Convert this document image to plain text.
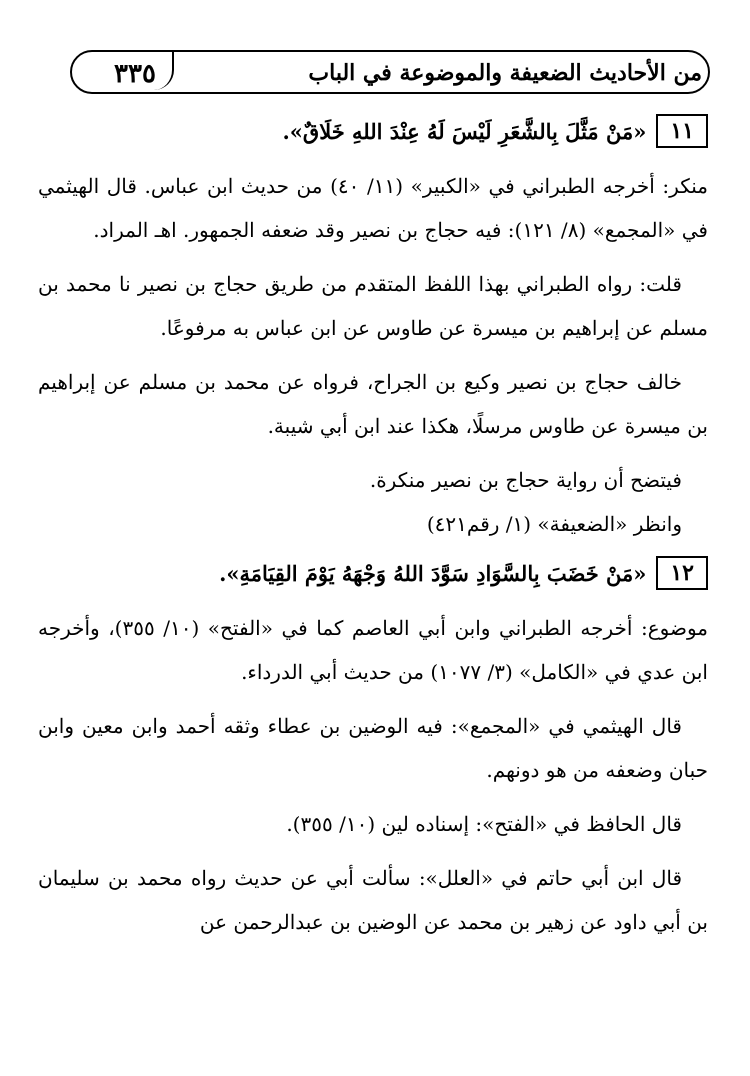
٣٣٥	من الأحاديث الضعيفة والموضوعة في الباب
١١
«مَنْ مَثَّلَ بِالشَّعَرِ لَيْسَ لَهُ عِنْدَ اللهِ خَلَاقٌ».

منكر: أخرجه الطبراني في «الكبير» (١١/ ٤٠) من حديث ابن عباس. قال الهيثمي في «المجمع» (٨/ ١٢١): فيه حجاج بن نصير وقد ضعفه الجمهور. اهـ المراد.

قلت: رواه الطبراني بهذا اللفظ المتقدم من طريق حجاج بن نصير نا محمد بن مسلم عن إبراهيم بن ميسرة عن طاوس عن ابن عباس به مرفوعًا.

خالف حجاج بن نصير وكيع بن الجراح، فرواه عن محمد بن مسلم عن إبراهيم بن ميسرة عن طاوس مرسلًا، هكذا عند ابن أبي شيبة.

فيتضح أن رواية حجاج بن نصير منكرة.

وانظر «الضعيفة» (١/ رقم٤٢١)

١٢
«مَنْ خَضَبَ بِالسَّوَادِ سَوَّدَ اللهُ وَجْهَهُ يَوْمَ القِيَامَةِ».

موضوع: أخرجه الطبراني وابن أبي العاصم كما في «الفتح» (١٠/ ٣٥٥)، وأخرجه ابن عدي في «الكامل» (٣/ ١٠٧٧) من حديث أبي الدرداء.

قال الهيثمي في «المجمع»: فيه الوضين بن عطاء وثقه أحمد وابن معين وابن حبان وضعفه من هو دونهم.

قال الحافظ في «الفتح»: إسناده لين (١٠/ ٣٥٥).

قال ابن أبي حاتم في «العلل»: سألت أبي عن حديث رواه محمد بن سليمان بن أبي داود عن زهير بن محمد عن الوضين بن عبدالرحمن عن
